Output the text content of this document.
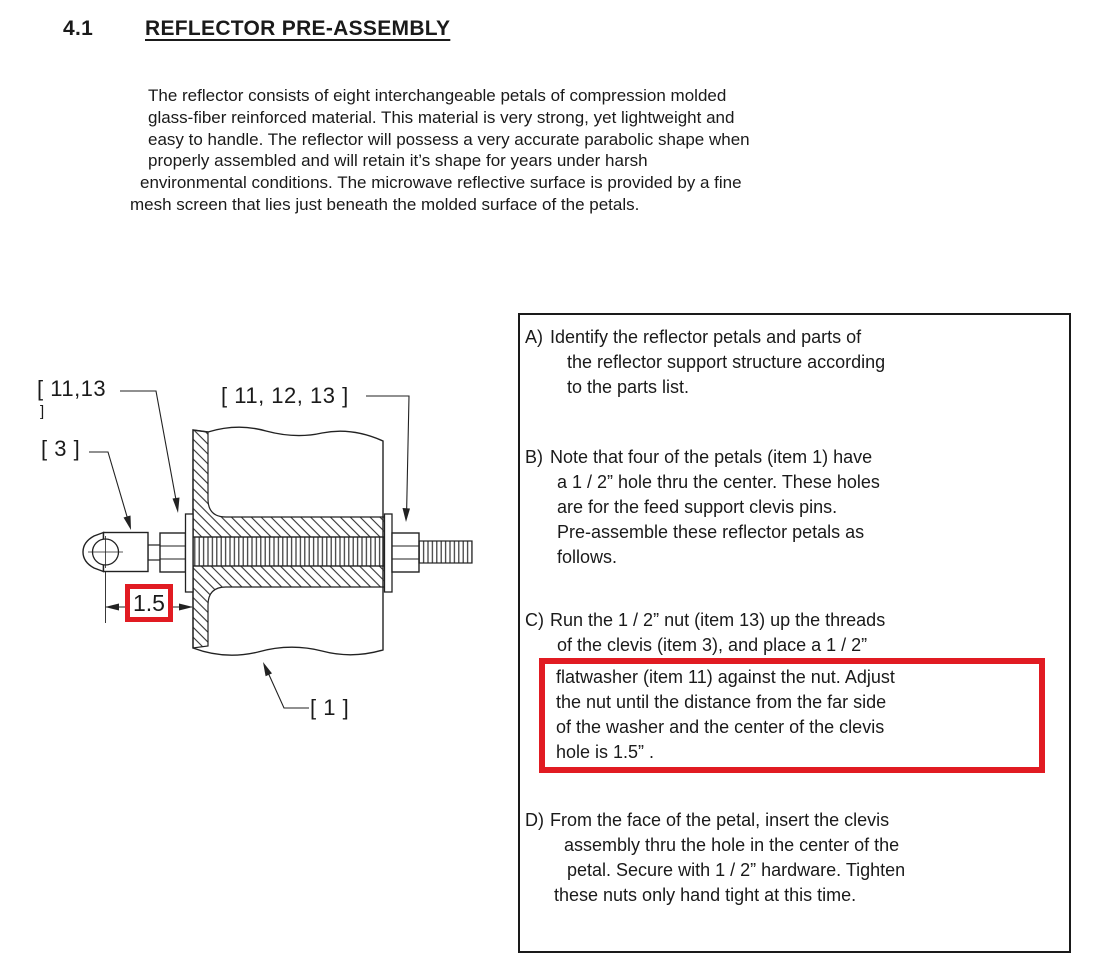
4.1	REFLECTOR PRE-ASSEMBLY
The reflector consists of eight interchangeable petals of compression molded
glass-fiber reinforced material. This material is very strong, yet lightweight and
easy to handle. The reflector will possess a very accurate parabolic shape when
properly assembled and will retain it’s shape for years under harsh
environmental conditions. The microwave reflective surface is provided by a fine
mesh screen that lies just beneath the molded surface of the petals.
[ 11,13
]
[ 11, 12, 13 ]
[ 3 ]
[ 1 ]
1.5
A) Identify the reflector petals and parts of
the reflector support structure according
to the parts list.
B) Note that four of the petals (item 1) have
a 1 / 2” hole thru the center. These holes
are for the feed support clevis pins.
Pre-assemble these reflector petals as
follows.
C) Run the 1 / 2” nut (item 13) up the threads
of the clevis (item 3), and place a 1 / 2”
flatwasher (item 11) against the nut. Adjust
the nut until the distance from the far side
of the washer and the center of the clevis
hole is 1.5” .
D) From the face of the petal, insert the clevis
assembly thru the hole in the center of the
petal. Secure with 1 / 2” hardware. Tighten
these nuts only hand tight at this time.
